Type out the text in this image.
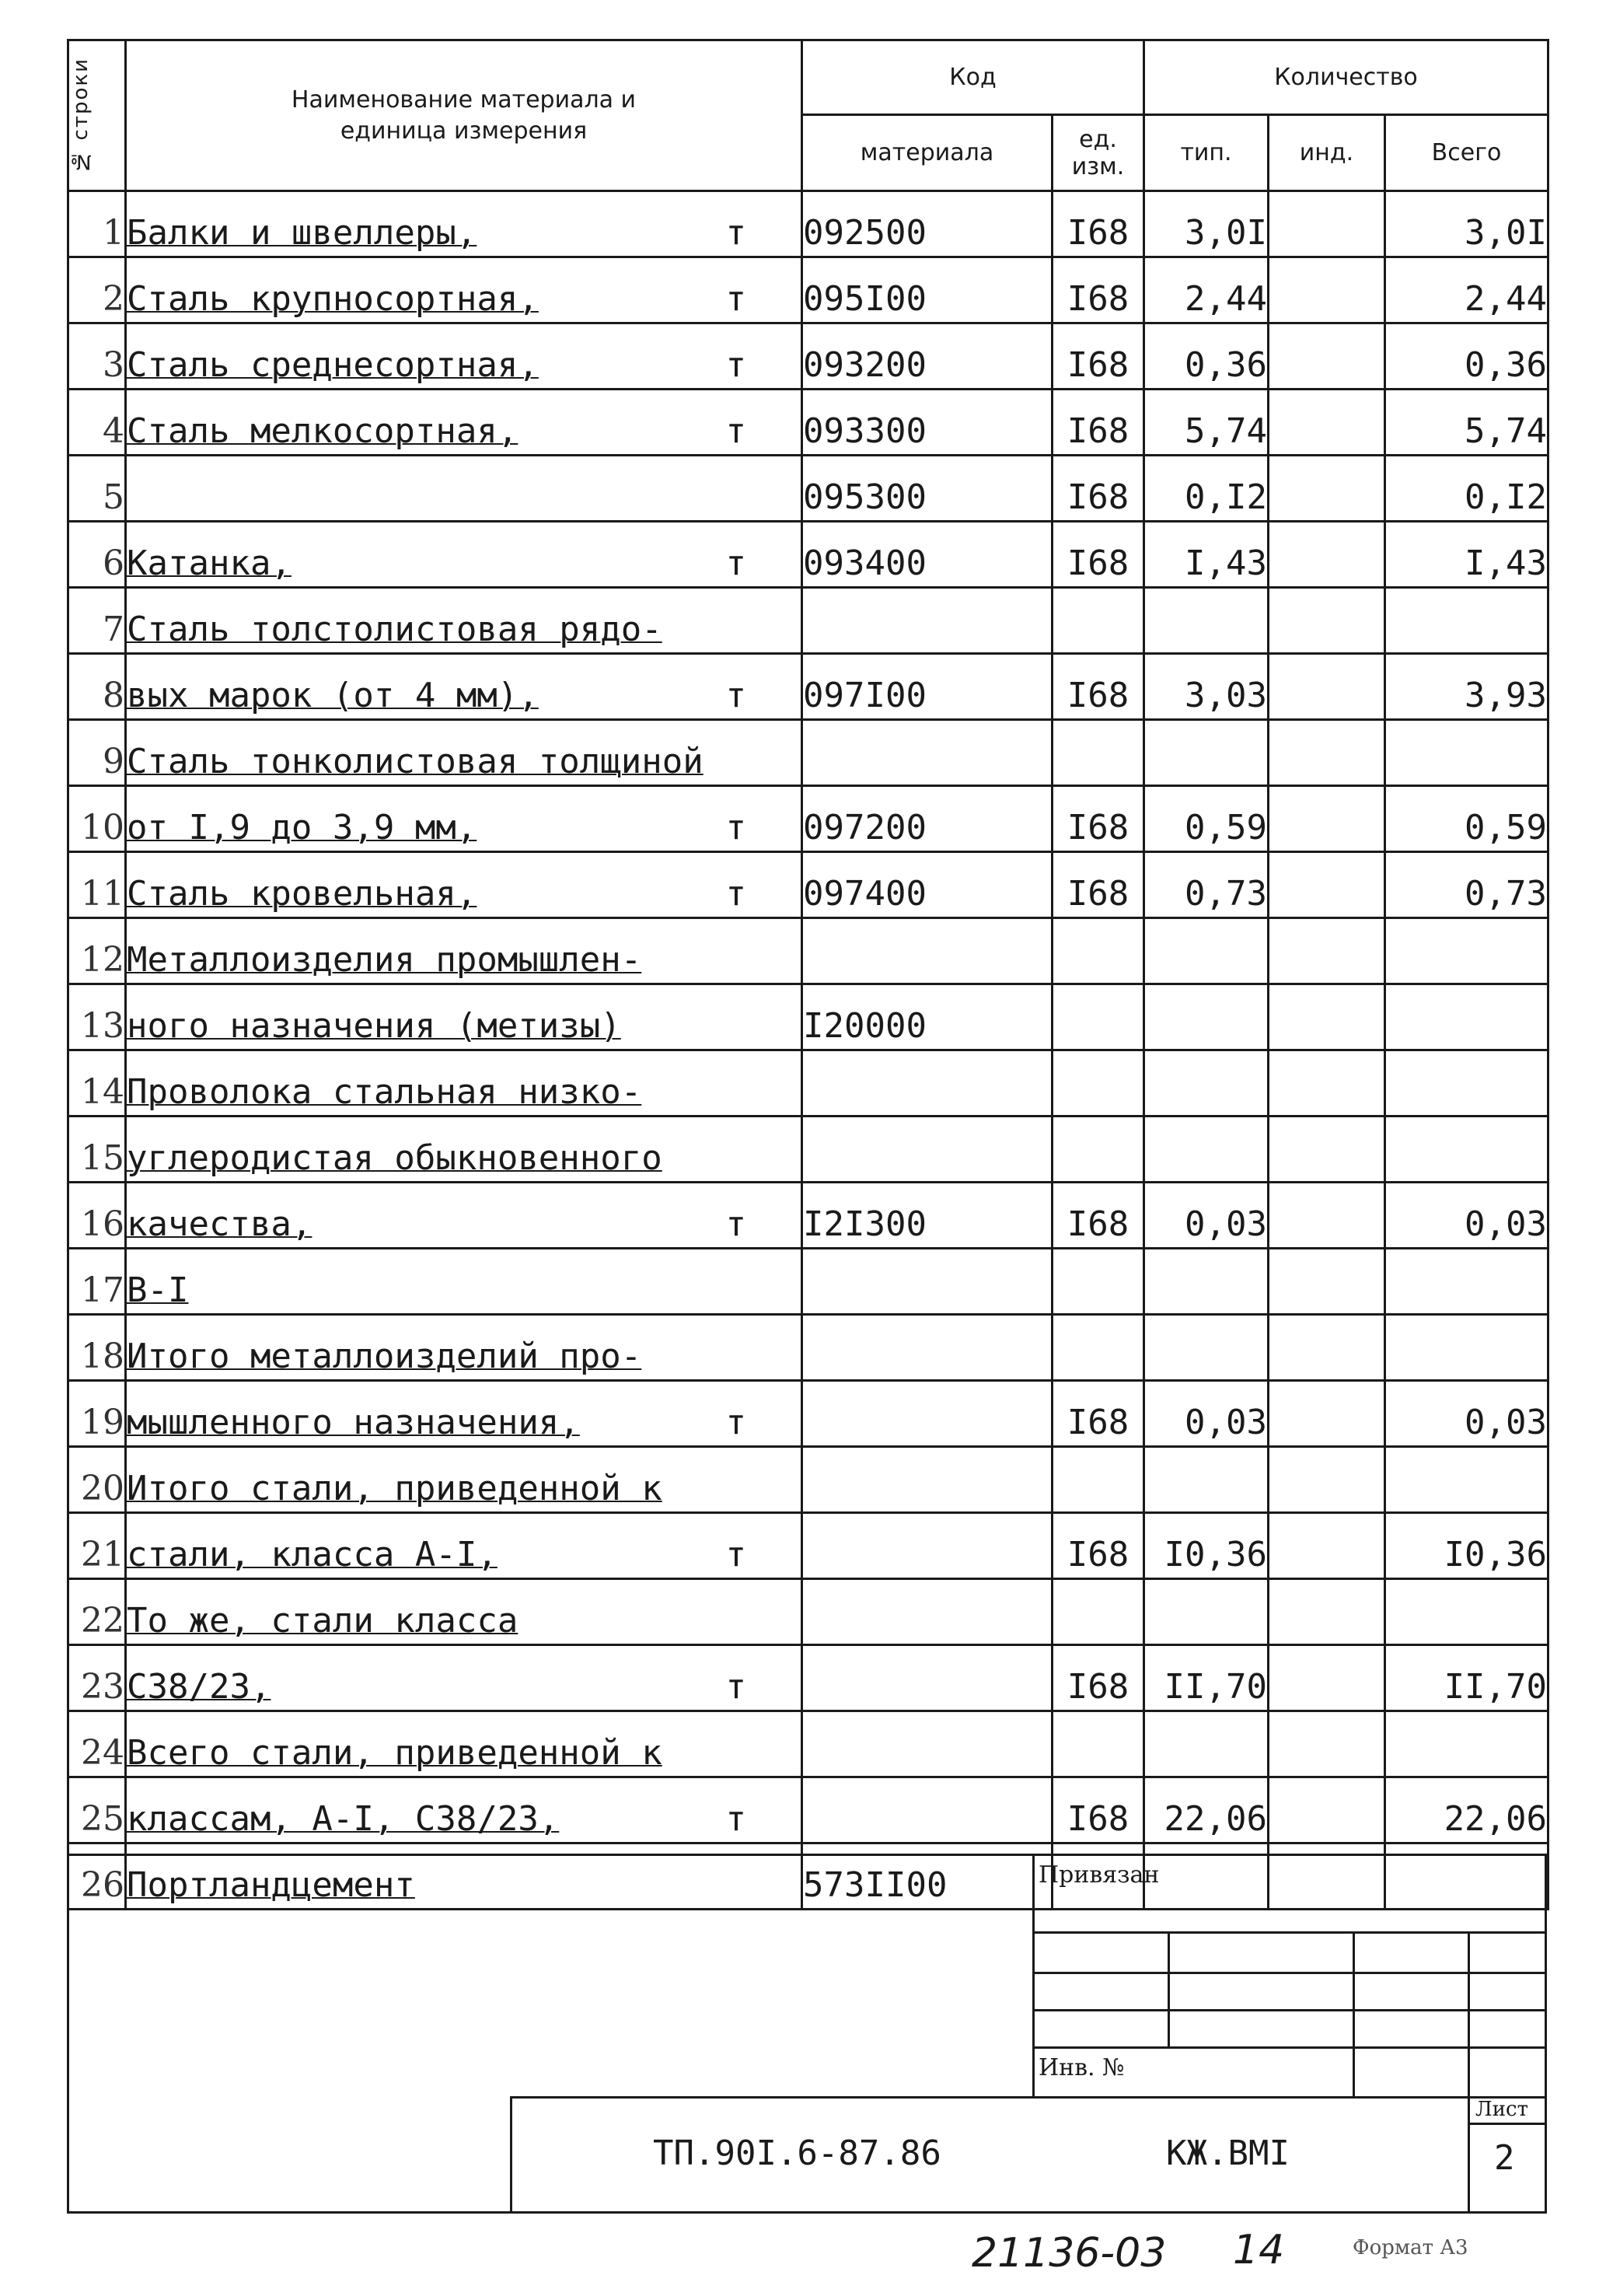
№ строки	Наименование материала и единица измерения	Код		Количество		
		материала	ед. изм.	тип.	инд.	Всего
1	Балки и швеллеры, т	092500	I68	3,0I		3,0I
2	Сталь крупносортная, т	095I00	I68	2,44		2,44
3	Сталь среднесортная, т	093200	I68	0,36		0,36
4	Сталь мелкосортная, т	093300	I68	5,74		5,74
5		095300	I68	0,I2		0,I2
6	Катанка, т	093400	I68	I,43		I,43
7	Сталь толстолистовая рядо-

8	вых марок (от 4 мм), т	097I00	I68	3,03		3,93
9	Сталь тонколистовая толщиной

10	от I,9 до 3,9 мм, т	097200	I68	0,59		0,59
11	Сталь кровельная, т	097400	I68	0,73		0,73
12	Металлоизделия промышлен-

13	ного назначения (метизы)	I20000				
14	Проволока стальная низко-

15	углеродистая обыкновенного

16	качества, т	I2I300	I68	0,03		0,03
17	В-I

18	Итого металлоизделий про-

19	мышленного назначения, т		I68	0,03		0,03
20	Итого стали, приведенной к

21	стали, класса А-I, т		I68	I0,36		I0,36
22	То же, стали класса

23	С38/23, т		I68	II,70		II,70
24	Всего стали, приведенной к

25	классам, А-I, С38/23, т		I68	22,06		22,06
26	Портландцемент	573II00					Привязан
Инв. №
ТП.90I.6-87.86	КЖ.ВМI
Лист
2
21136-03 14	Формат А3
